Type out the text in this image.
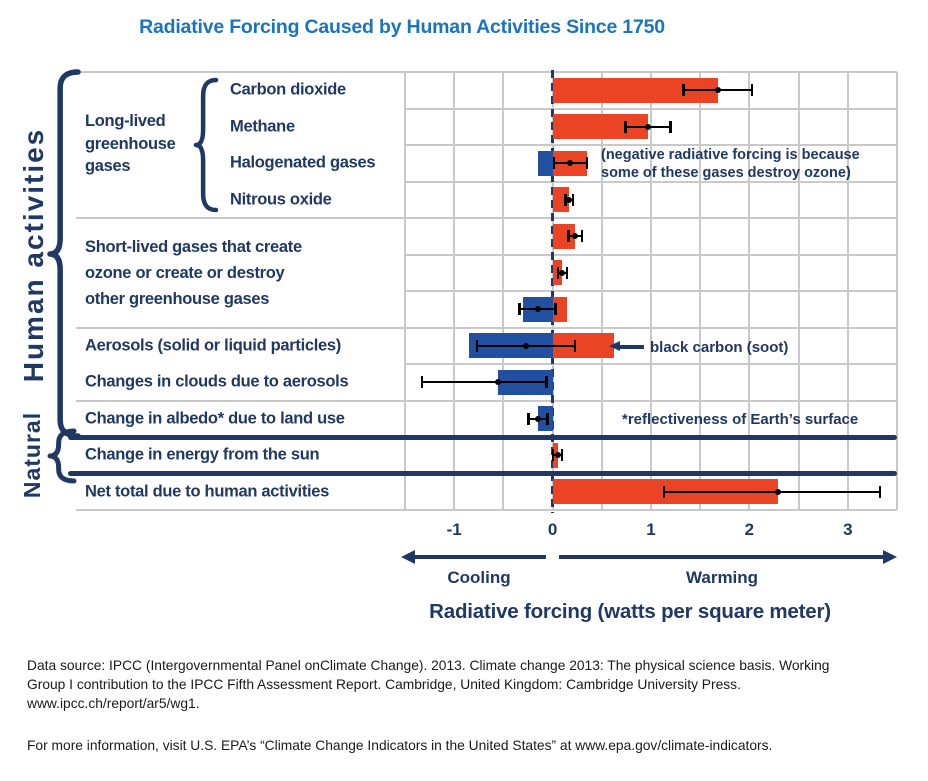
Radiative Forcing Caused by Human Activities Since 1750
Human activities
Natural
Long-lived
greenhouse
gases
Short-lived gases that create
ozone or create or destroy
other greenhouse gases
Carbon dioxide
Methane
Halogenated gases
Nitrous oxide
Aerosols (solid or liquid particles)
Changes in clouds due to aerosols
Change in albedo* due to land use
Change in energy from the sun
Net total due to human activities
-1	0	1	2	3
(negative radiative forcing is because
some of these gases destroy ozone)
black carbon (soot)
*reflectiveness of Earth’s surface
Cooling	Warming
Radiative forcing (watts per square meter)
Data source: IPCC (Intergovernmental Panel onClimate Change). 2013. Climate change 2013: The physical science basis. Working
Group I contribution to the IPCC Fifth Assessment Report. Cambridge, United Kingdom: Cambridge University Press.
www.ipcc.ch/report/ar5/wg1.
For more information, visit U.S. EPA’s “Climate Change Indicators in the United States” at www.epa.gov/climate-indicators.
